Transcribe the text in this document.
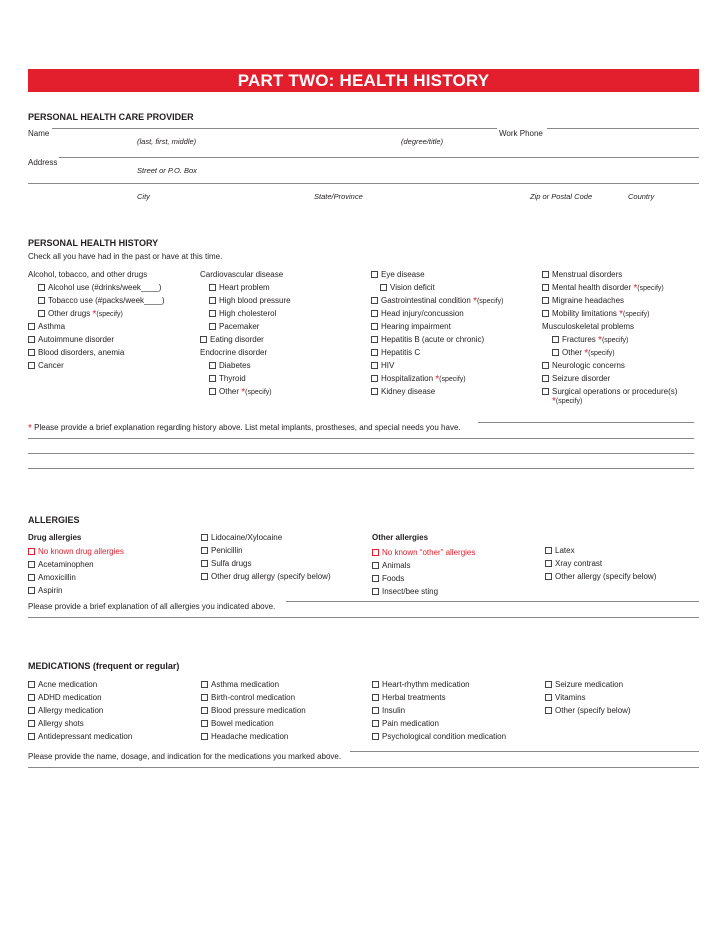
PART TWO: HEALTH HISTORY
PERSONAL HEALTH CARE PROVIDER
Name	Work Phone
(last, first, middle)	(degree/title)
Address
Street or P.O. Box
City	State/Province	Zip or Postal Code	Country
PERSONAL HEALTH HISTORY
Check all you have had in the past or have at this time.
Alcohol, tobacco, and other drugs
Alcohol use (#drinks/week____)
Tobacco use (#packs/week____)
Other drugs *(specify)
Asthma
Autoimmune disorder
Blood disorders, anemia
Cancer
Cardiovascular disease
Heart problem
High blood pressure
High cholesterol
Pacemaker
Eating disorder
Endocrine disorder
Diabetes
Thyroid
Other *(specify)
Eye disease
Vision deficit
Gastrointestinal condition *(specify)
Head injury/concussion
Hearing impairment
Hepatitis B (acute or chronic)
Hepatitis C
HIV
Hospitalization *(specify)
Kidney disease
Menstrual disorders
Mental health disorder *(specify)
Migraine headaches
Mobility limitations *(specify)
Musculoskeletal problems
Fractures *(specify)
Other *(specify)
Neurologic concerns
Seizure disorder
Surgical operations or procedure(s)
*(specify)
* Please provide a brief explanation regarding history above. List metal implants, prostheses, and special needs you have.
ALLERGIES
Drug allergies
No known drug allergies
Acetaminophen
Amoxicillin
Aspirin
Lidocaine/Xylocaine
Penicillin
Sulfa drugs
Other drug allergy (specify below)
Other allergies
No known “other” allergies
Animals
Foods
Insect/bee sting
Latex
Xray contrast
Other allergy (specify below)
Please provide a brief explanation of all allergies you indicated above.
MEDICATIONS (frequent or regular)
Acne medication
ADHD medication
Allergy medication
Allergy shots
Antidepressant medication
Asthma medication
Birth-control medication
Blood pressure medication
Bowel medication
Headache medication
Heart-rhythm medication
Herbal treatments
Insulin
Pain medication
Psychological condition medication
Seizure medication
Vitamins
Other (specify below)
Please provide the name, dosage, and indication for the medications you marked above.
